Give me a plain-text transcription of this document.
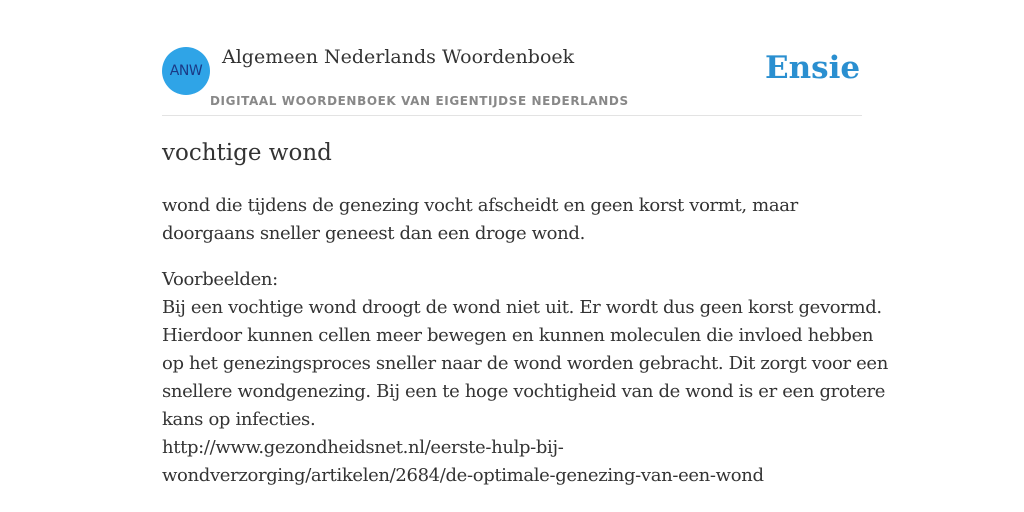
ANW
Algemeen Nederlands Woordenboek
DIGITAAL WOORDENBOEK VAN EIGENTIJDSE NEDERLANDS
Ensie
vochtige wond
wond die tijdens de genezing vocht afscheidt en geen korst vormt, maar
doorgaans sneller geneest dan een droge wond.
Voorbeelden:
Bij een vochtige wond droogt de wond niet uit. Er wordt dus geen korst gevormd.
Hierdoor kunnen cellen meer bewegen en kunnen moleculen die invloed hebben
op het genezingsproces sneller naar de wond worden gebracht. Dit zorgt voor een
snellere wondgenezing. Bij een te hoge vochtigheid van de wond is er een grotere
kans op infecties.
http://www.gezondheidsnet.nl/eerste-hulp-bij-
wondverzorging/artikelen/2684/de-optimale-genezing-van-een-wond
